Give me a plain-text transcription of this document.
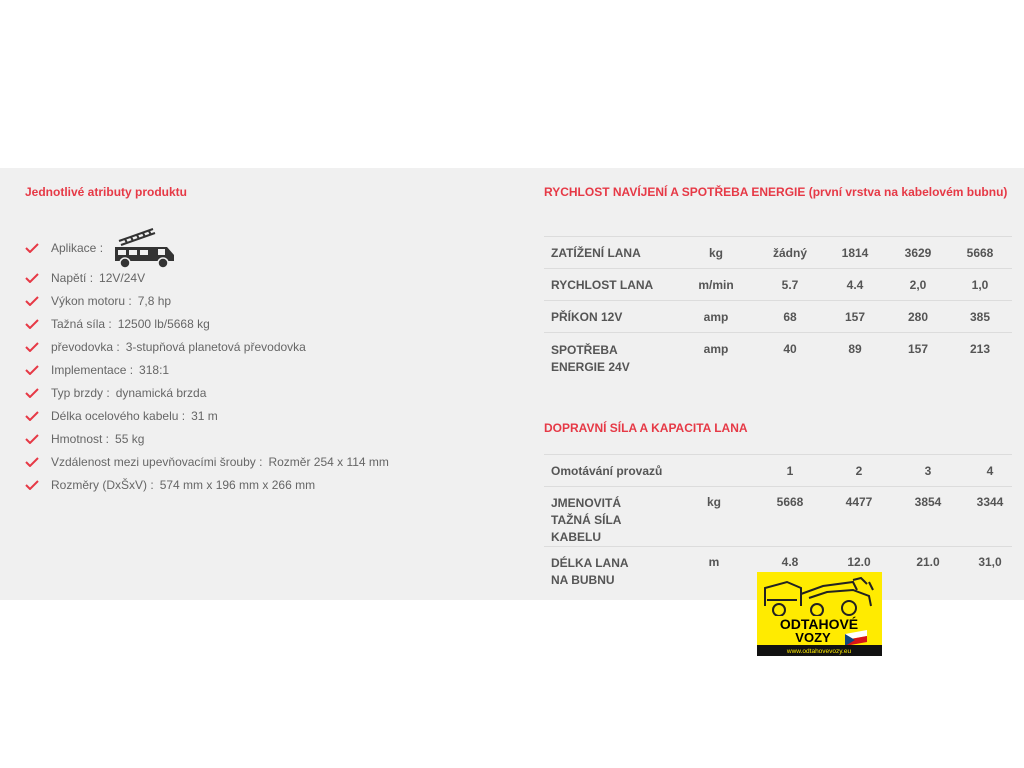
Jednotlivé atributy produktu
Aplikace :
Napětí : 12V/24V
Výkon motoru : 7,8 hp
Tažná síla : 12500 lb/5668 kg
převodovka : 3-stupňová planetová převodovka
Implementace : 318:1
Typ brzdy : dynamická brzda
Délka ocelového kabelu : 31 m
Hmotnost : 55 kg
Vzdálenost mezi upevňovacími šrouby : Rozměr 254 x 114 mm
Rozměry (DxŠxV) : 574 mm x 196 mm x 266 mm
RYCHLOST NAVÍJENÍ A SPOTŘEBA ENERGIE (první vrstva na kabelovém bubnu)
ZATÍŽENÍ LANA	kg	žádný	1814	3629	5668
RYCHLOST LANA	m/min	5.7	4.4	2,0	1,0
PŘÍKON 12V	amp	68	157	280	385
SPOTŘEBA ENERGIE 24V	amp	40	89	157	213
DOPRAVNÍ SÍLA A KAPACITA LANA
Omotávání provazů		1	2	3	4
JMENOVITÁ TAŽNÁ SÍLA KABELU	kg	5668	4477	3854	3344
DÉLKA LANA NA BUBNU	m	4.8	12.0	21.0	31,0
ODTAHOVÉ
VOZY
www.odtahovevozy.eu
